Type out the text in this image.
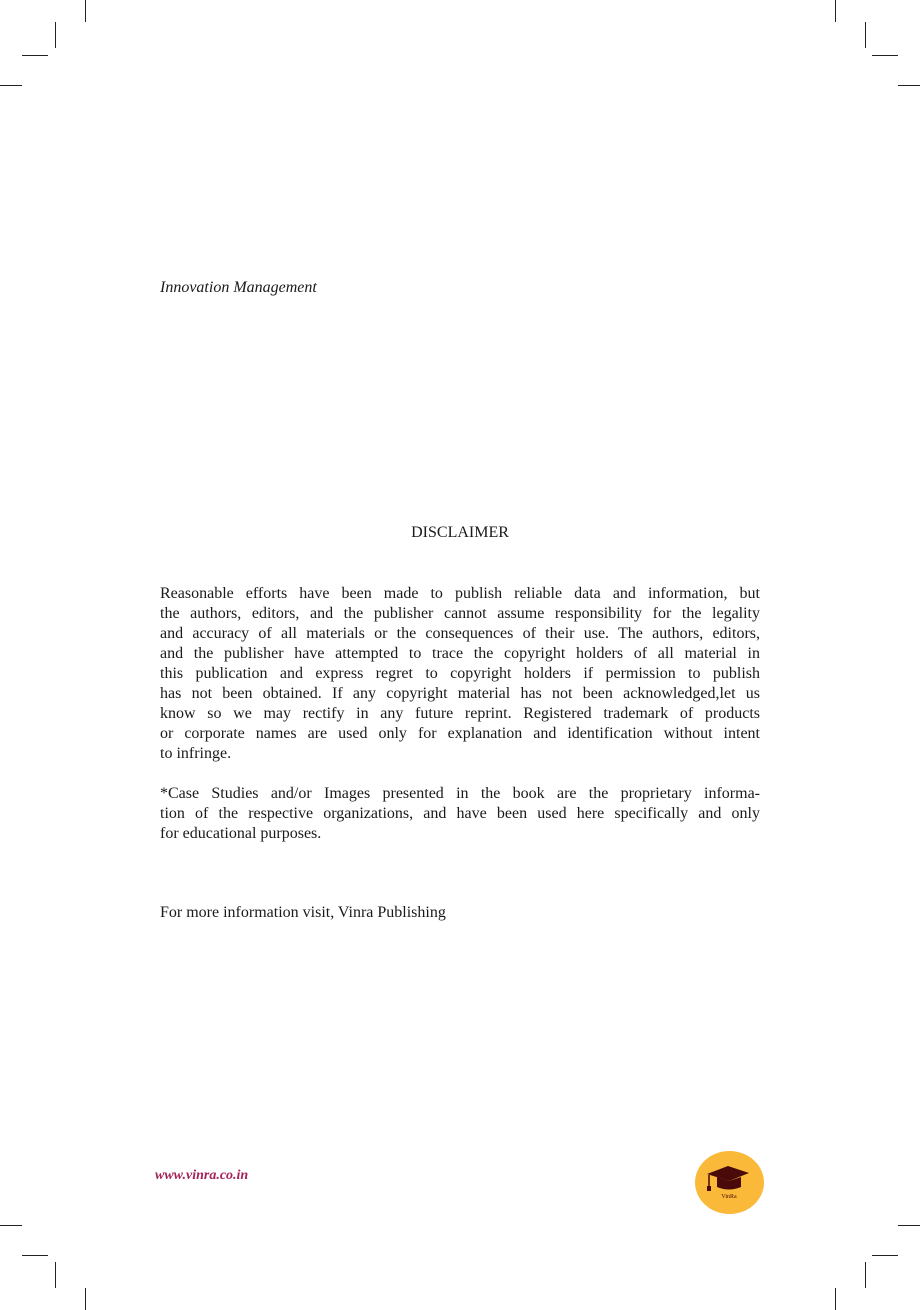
Innovation Management
DISCLAIMER
Reasonable efforts have been made to publish reliable data and information, but
the authors, editors, and the publisher cannot assume responsibility for the legality
and accuracy of all materials or the consequences of their use. The authors, editors,
and the publisher have attempted to trace the copyright holders of all material in
this publication and express regret to copyright holders if permission to publish
has not been obtained. If any copyright material has not been acknowledged,let us
know so we may rectify in any future reprint. Registered trademark of products
or corporate names are used only for explanation and identification without intent
to infringe.
*Case Studies and/or Images presented in the book are the proprietary informa-
tion of the respective organizations, and have been used here specifically and only
for educational purposes.
For more information visit, Vinra Publishing
www.vinra.co.in
VinRa
